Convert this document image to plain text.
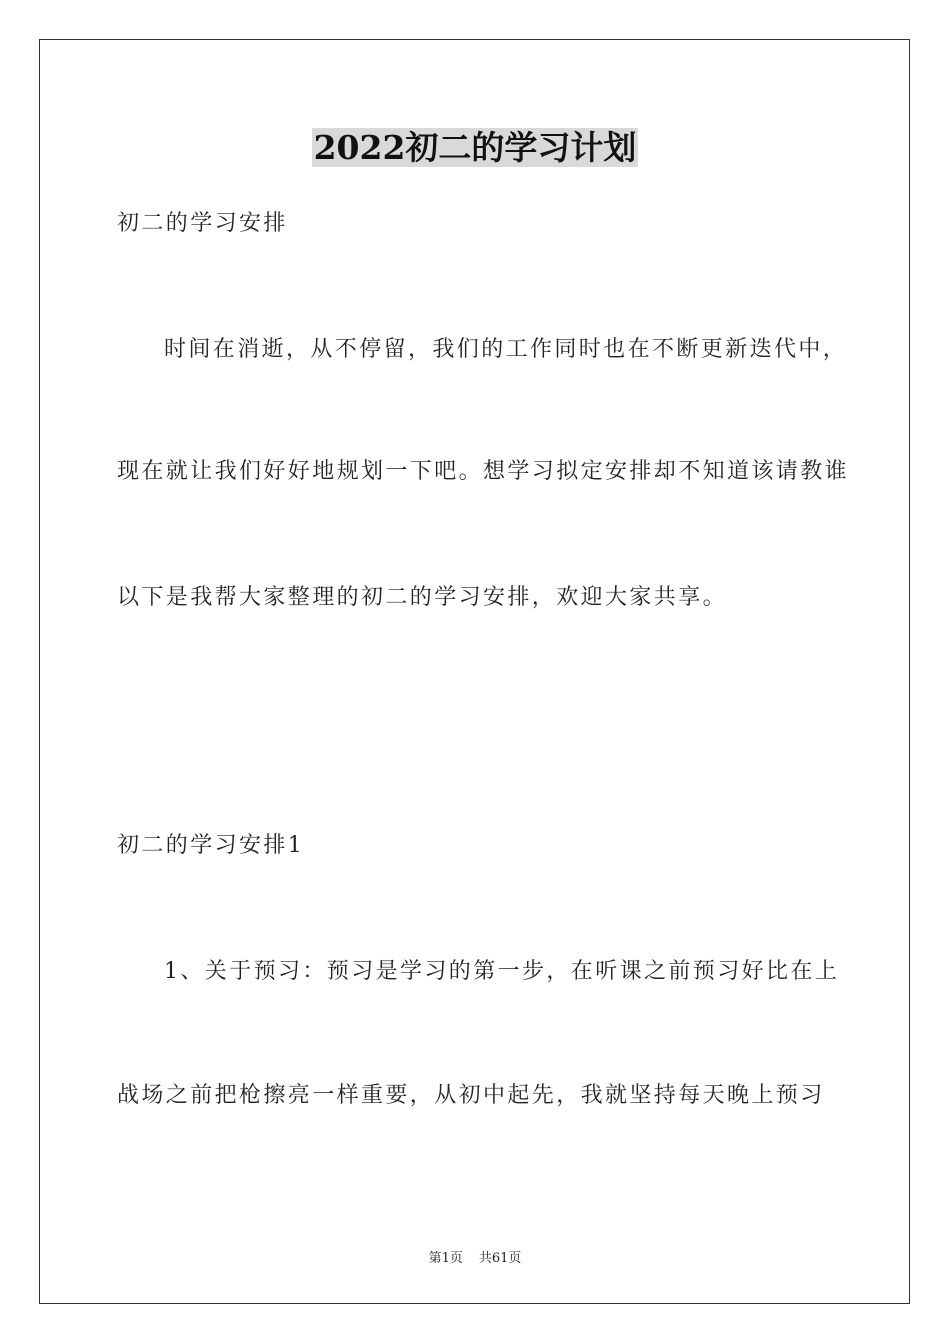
2022初二的学习计划
初二的学习安排
时间在消逝，从不停留，我们的工作同时也在不断更新迭代中，
现在就让我们好好地规划一下吧。想学习拟定安排却不知道该请教谁
以下是我帮大家整理的初二的学习安排，欢迎大家共享。
初二的学习安排1
1、关于预习：预习是学习的第一步，在听课之前预习好比在上
战场之前把枪擦亮一样重要，从初中起先，我就坚持每天晚上预习
第1页 共61页
